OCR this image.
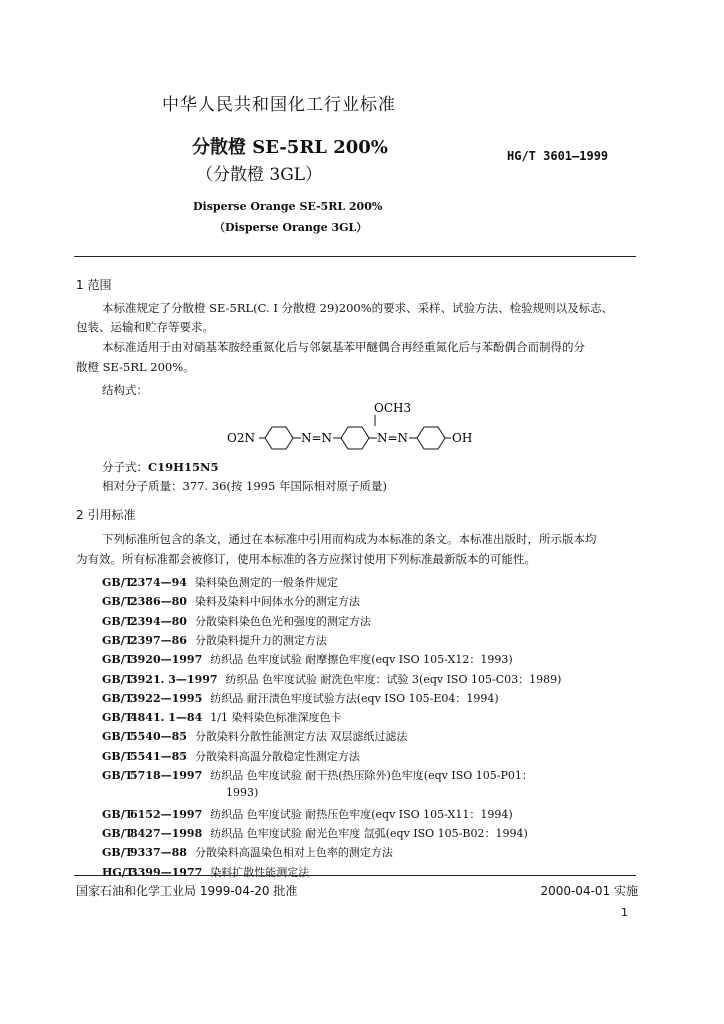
中华人民共和国化工行业标准
分散橙 SE-5RL 200%
（分散橙 3GL）
HG/T 3601—1999
Disperse Orange SE-5RL 200%
（Disperse Orange 3GL）
1 范围
本标准规定了分散橙 SE-5RL(C. I 分散橙 29)200%的要求、采样、试验方法、检验规则以及标志、
包装、运输和贮存等要求。
本标准适用于由对硝基苯胺经重氮化后与邻氨基苯甲醚偶合再经重氮化后与苯酚偶合而制得的分
散橙 SE-5RL 200%。
结构式：
OCH3
O2N	N=N	N=N	OH
分子式：C19H15N5
相对分子质量：377. 36(按 1995 年国际相对原子质量)
2 引用标准
下列标准所包含的条文，通过在本标准中引用而构成为本标准的条文。本标准出版时，所示版本均
为有效。所有标准都会被修订，使用本标准的各方应探讨使用下列标准最新版本的可能性。
GB/T2374—94 染料染色测定的一般条件规定
GB/T2386—80 染料及染料中间体水分的测定方法
GB/T2394—80 分散染料染色色光和强度的测定方法
GB/T2397—86 分散染料提升力的测定方法
GB/T3920—1997 纺织品 色牢度试验 耐摩擦色牢度(eqv ISO 105-X12：1993)
GB/T3921. 3—1997 纺织品 色牢度试验 耐洗色牢度：试验 3(eqv ISO 105-C03：1989)
GB/T3922—1995 纺织品 耐汗渍色牢度试验方法(eqv ISO 105-E04：1994)
GB/T4841. 1—84 1/1 染料染色标准深度色卡
GB/T5540—85 分散染料分散性能测定方法 双层滤纸过滤法
GB/T5541—85 分散染料高温分散稳定性测定方法
GB/T5718—1997 纺织品 色牢度试验 耐干热(热压除外)色牢度(eqv ISO 105-P01：
1993)
GB/T6152—1997 纺织品 色牢度试验 耐热压色牢度(eqv ISO 105-X11：1994)
GB/T8427—1998 纺织品 色牢度试验 耐光色牢度 氙弧(eqv ISO 105-B02：1994)
GB/T9337—88 分散染料高温染色相对上色率的测定方法
HG/T3399—1977 染料扩散性能测定法
国家石油和化学工业局 1999-04-20 批准	2000-04-01 实施
1
